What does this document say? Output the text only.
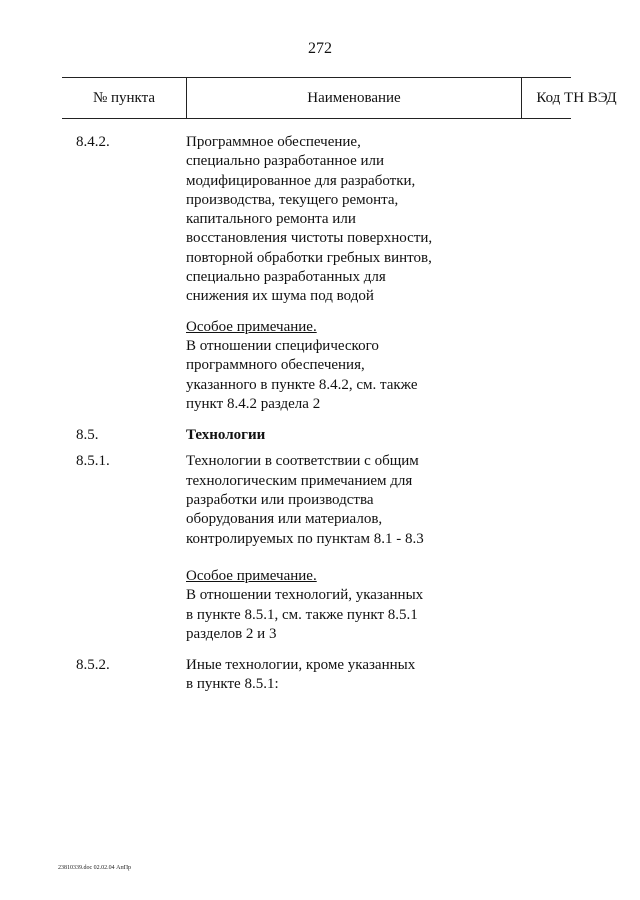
272
№ пункта	Наименование	Код ТН ВЭД
8.4.2.	Программное обеспечение,
специально разработанное или
модифицированное для разработки,
производства, текущего ремонта,
капитального ремонта или
восстановления чистоты поверхности,
повторной обработки гребных винтов,
специально разработанных для
снижения их шума под водой
Особое примечание.
В отношении специфического
программного обеспечения,
указанного в пункте 8.4.2, см. также
пункт 8.4.2 раздела 2
8.5.	Технологии
8.5.1.	Технологии в соответствии с общим
технологическим примечанием для
разработки или производства
оборудования или материалов,
контролируемых по пунктам 8.1 - 8.3
Особое примечание.
В отношении технологий, указанных
в пункте 8.5.1, см. также пункт 8.5.1
разделов 2 и 3
8.5.2.	Иные технологии, кроме указанных
в пункте 8.5.1:
23810339.doc 02.02.04 АпПр
